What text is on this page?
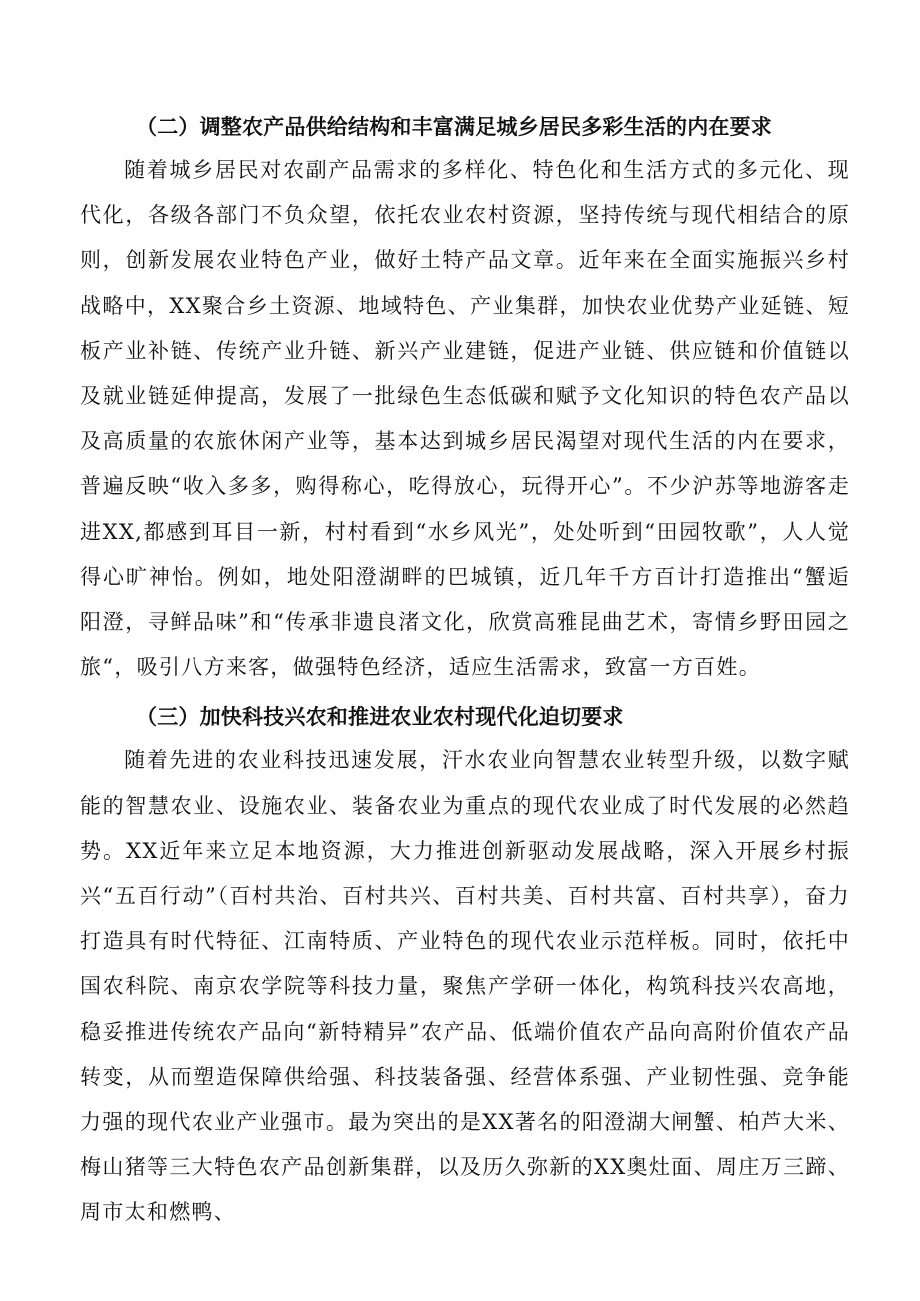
（二）调整农产品供给结构和丰富满足城乡居民多彩生活的内在要求

随着城乡居民对农副产品需求的多样化、特色化和生活方式的多元化、现代化，各级各部门不负众望，依托农业农村资源，坚持传统与现代相结合的原则，创新发展农业特色产业，做好土特产品文章。近年来在全面实施振兴乡村战略中，XX聚合乡土资源、地域特色、产业集群，加快农业优势产业延链、短板产业补链、传统产业升链、新兴产业建链，促进产业链、供应链和价值链以及就业链延伸提高，发展了一批绿色生态低碳和赋予文化知识的特色农产品以及高质量的农旅休闲产业等，基本达到城乡居民渴望对现代生活的内在要求，普遍反映“收入多多，购得称心，吃得放心，玩得开心”。不少沪苏等地游客走进XX,都感到耳目一新，村村看到“水乡风光”，处处听到“田园牧歌”，人人觉得心旷神怡。例如，地处阳澄湖畔的巴城镇，近几年千方百计打造推出“蟹逅阳澄，寻鲜品味”和“传承非遗良渚文化，欣赏高雅昆曲艺术，寄情乡野田园之旅“，吸引八方来客，做强特色经济，适应生活需求，致富一方百姓。

（三）加快科技兴农和推进农业农村现代化迫切要求

随着先进的农业科技迅速发展，汗水农业向智慧农业转型升级，以数字赋能的智慧农业、设施农业、装备农业为重点的现代农业成了时代发展的必然趋势。XX近年来立足本地资源，大力推进创新驱动发展战略，深入开展乡村振兴“五百行动”（百村共治、百村共兴、百村共美、百村共富、百村共享），奋力打造具有时代特征、江南特质、产业特色的现代农业示范样板。同时，依托中国农科院、南京农学院等科技力量，聚焦产学研一体化，构筑科技兴农高地，稳妥推进传统农产品向“新特精异”农产品、低端价值农产品向高附价值农产品转变，从而塑造保障供给强、科技装备强、经营体系强、产业韧性强、竞争能力强的现代农业产业强市。最为突出的是XX著名的阳澄湖大闸蟹、柏芦大米、梅山猪等三大特色农产品创新集群，以及历久弥新的XX奥灶面、周庄万三蹄、周市太和燃鸭、
